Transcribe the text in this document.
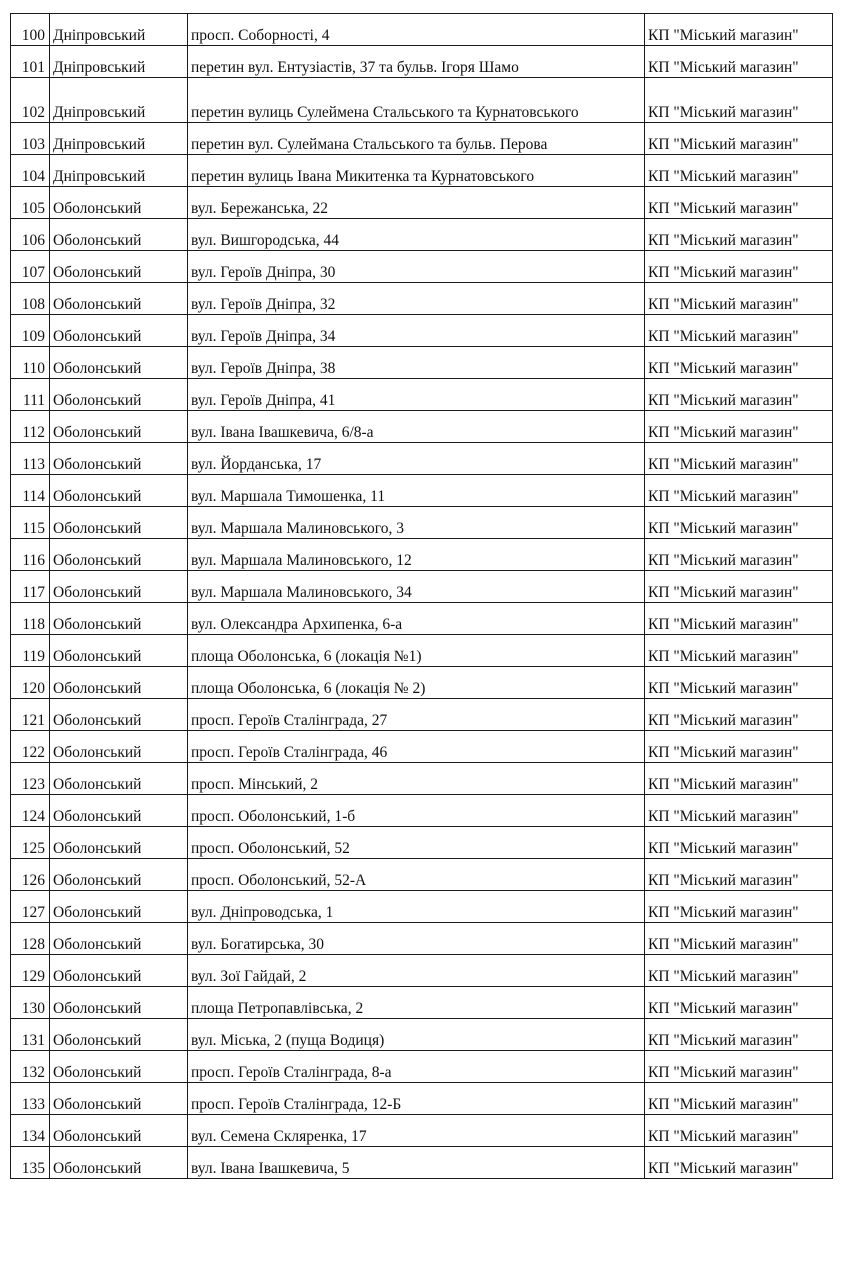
100	Дніпровський	просп. Соборності, 4	КП "Міський магазин"
101	Дніпровський	перетин вул. Ентузіастів, 37 та бульв. Ігоря Шамо	КП "Міський магазин"
102	Дніпровський	перетин вулиць Сулеймена Стальського та Курнатовського	КП "Міський магазин"
103	Дніпровський	перетин вул. Сулеймана Стальського та бульв. Перова	КП "Міський магазин"
104	Дніпровський	перетин вулиць Івана Микитенка та Курнатовського	КП "Міський магазин"
105	Оболонський	вул. Бережанська, 22	КП "Міський магазин"
106	Оболонський	вул. Вишгородська, 44	КП "Міський магазин"
107	Оболонський	вул. Героїв Дніпра, 30	КП "Міський магазин"
108	Оболонський	вул. Героїв Дніпра, 32	КП "Міський магазин"
109	Оболонський	вул. Героїв Дніпра, 34	КП "Міський магазин"
110	Оболонський	вул. Героїв Дніпра, 38	КП "Міський магазин"
111	Оболонський	вул. Героїв Дніпра, 41	КП "Міський магазин"
112	Оболонський	вул. Івана Івашкевича, 6/8-а	КП "Міський магазин"
113	Оболонський	вул. Йорданська, 17	КП "Міський магазин"
114	Оболонський	вул. Маршала Тимошенка, 11	КП "Міський магазин"
115	Оболонський	вул. Маршала Малиновського, 3	КП "Міський магазин"
116	Оболонський	вул. Маршала Малиновського, 12	КП "Міський магазин"
117	Оболонський	вул. Маршала Малиновського, 34	КП "Міський магазин"
118	Оболонський	вул. Олександра Архипенка, 6-а	КП "Міський магазин"
119	Оболонський	площа Оболонська, 6 (локація №1)	КП "Міський магазин"
120	Оболонський	площа Оболонська, 6 (локація № 2)	КП "Міський магазин"
121	Оболонський	просп. Героїв Сталінграда, 27	КП "Міський магазин"
122	Оболонський	просп. Героїв Сталінграда, 46	КП "Міський магазин"
123	Оболонський	просп. Мінський, 2	КП "Міський магазин"
124	Оболонський	просп. Оболонський, 1-б	КП "Міський магазин"
125	Оболонський	просп. Оболонський, 52	КП "Міський магазин"
126	Оболонський	просп. Оболонський, 52-А	КП "Міський магазин"
127	Оболонський	вул. Дніпроводська, 1	КП "Міський магазин"
128	Оболонський	вул. Богатирська, 30	КП "Міський магазин"
129	Оболонський	вул. Зої Гайдай, 2	КП "Міський магазин"
130	Оболонський	площа Петропавлівська, 2	КП "Міський магазин"
131	Оболонський	вул. Міська, 2 (пуща Водиця)	КП "Міський магазин"
132	Оболонський	просп. Героїв Сталінграда, 8-а	КП "Міський магазин"
133	Оболонський	просп. Героїв Сталінграда, 12-Б	КП "Міський магазин"
134	Оболонський	вул. Семена Скляренка, 17	КП "Міський магазин"
135	Оболонський	вул. Івана Івашкевича, 5	КП "Міський магазин"
